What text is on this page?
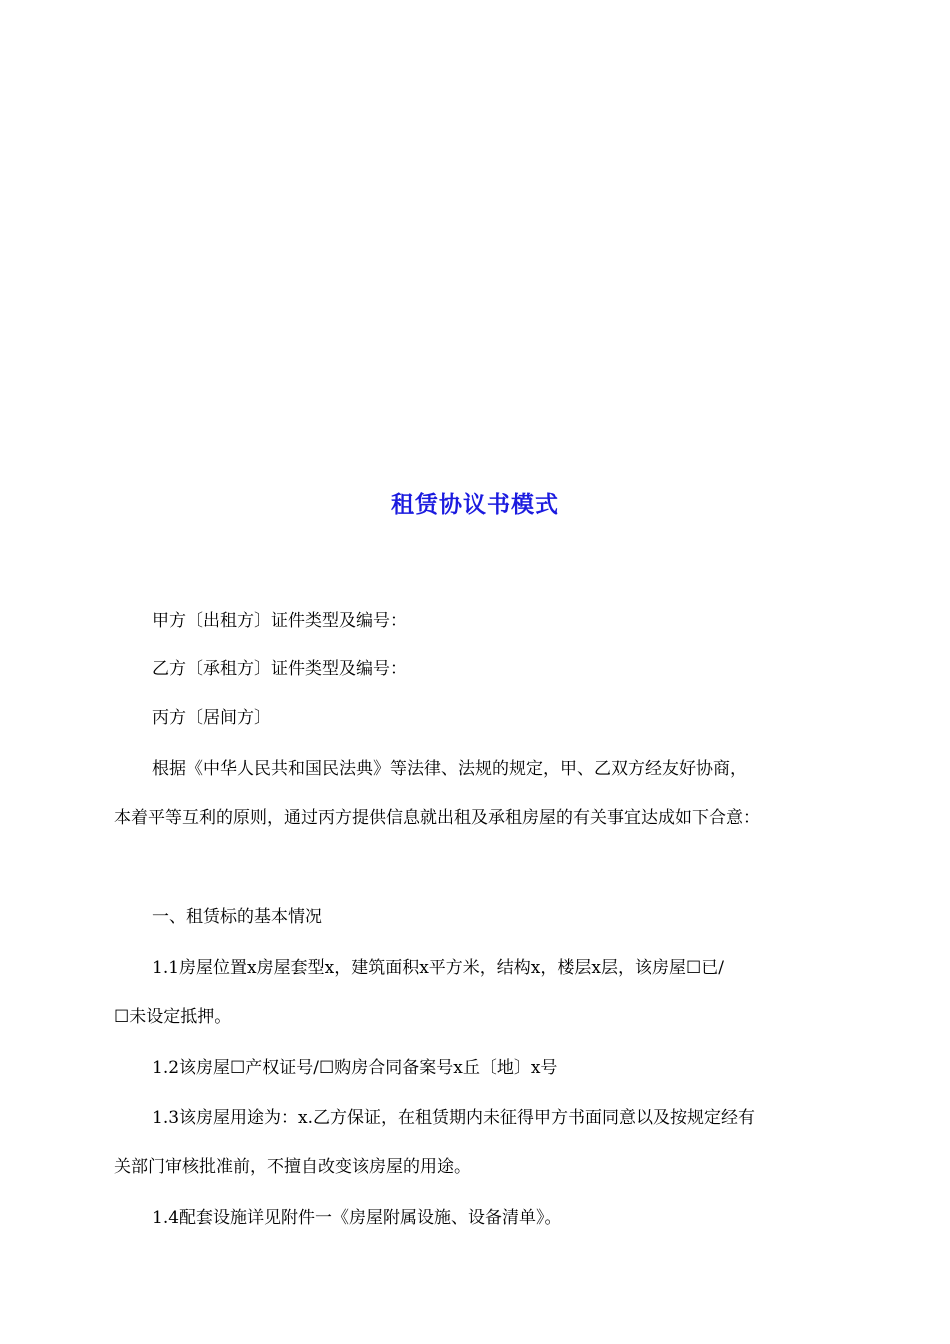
租赁协议书模式
甲方〔出租方〕证件类型及编号：
乙方〔承租方〕证件类型及编号：
丙方〔居间方〕
根据《中华人民共和国民法典》等法律、法规的规定，甲、乙双方经友好协商，
本着平等互利的原则，通过丙方提供信息就出租及承租房屋的有关事宜达成如下合意：
一、租赁标的基本情况
1.1房屋位置x房屋套型x，建筑面积x平方米，结构x，楼层x层，该房屋☐已/
☐未设定抵押。
1.2该房屋☐产权证号/☐购房合同备案号x丘〔地〕x号
1.3该房屋用途为：x.乙方保证，在租赁期内未征得甲方书面同意以及按规定经有
关部门审核批准前，不擅自改变该房屋的用途。
1.4配套设施详见附件一《房屋附属设施、设备清单》。
